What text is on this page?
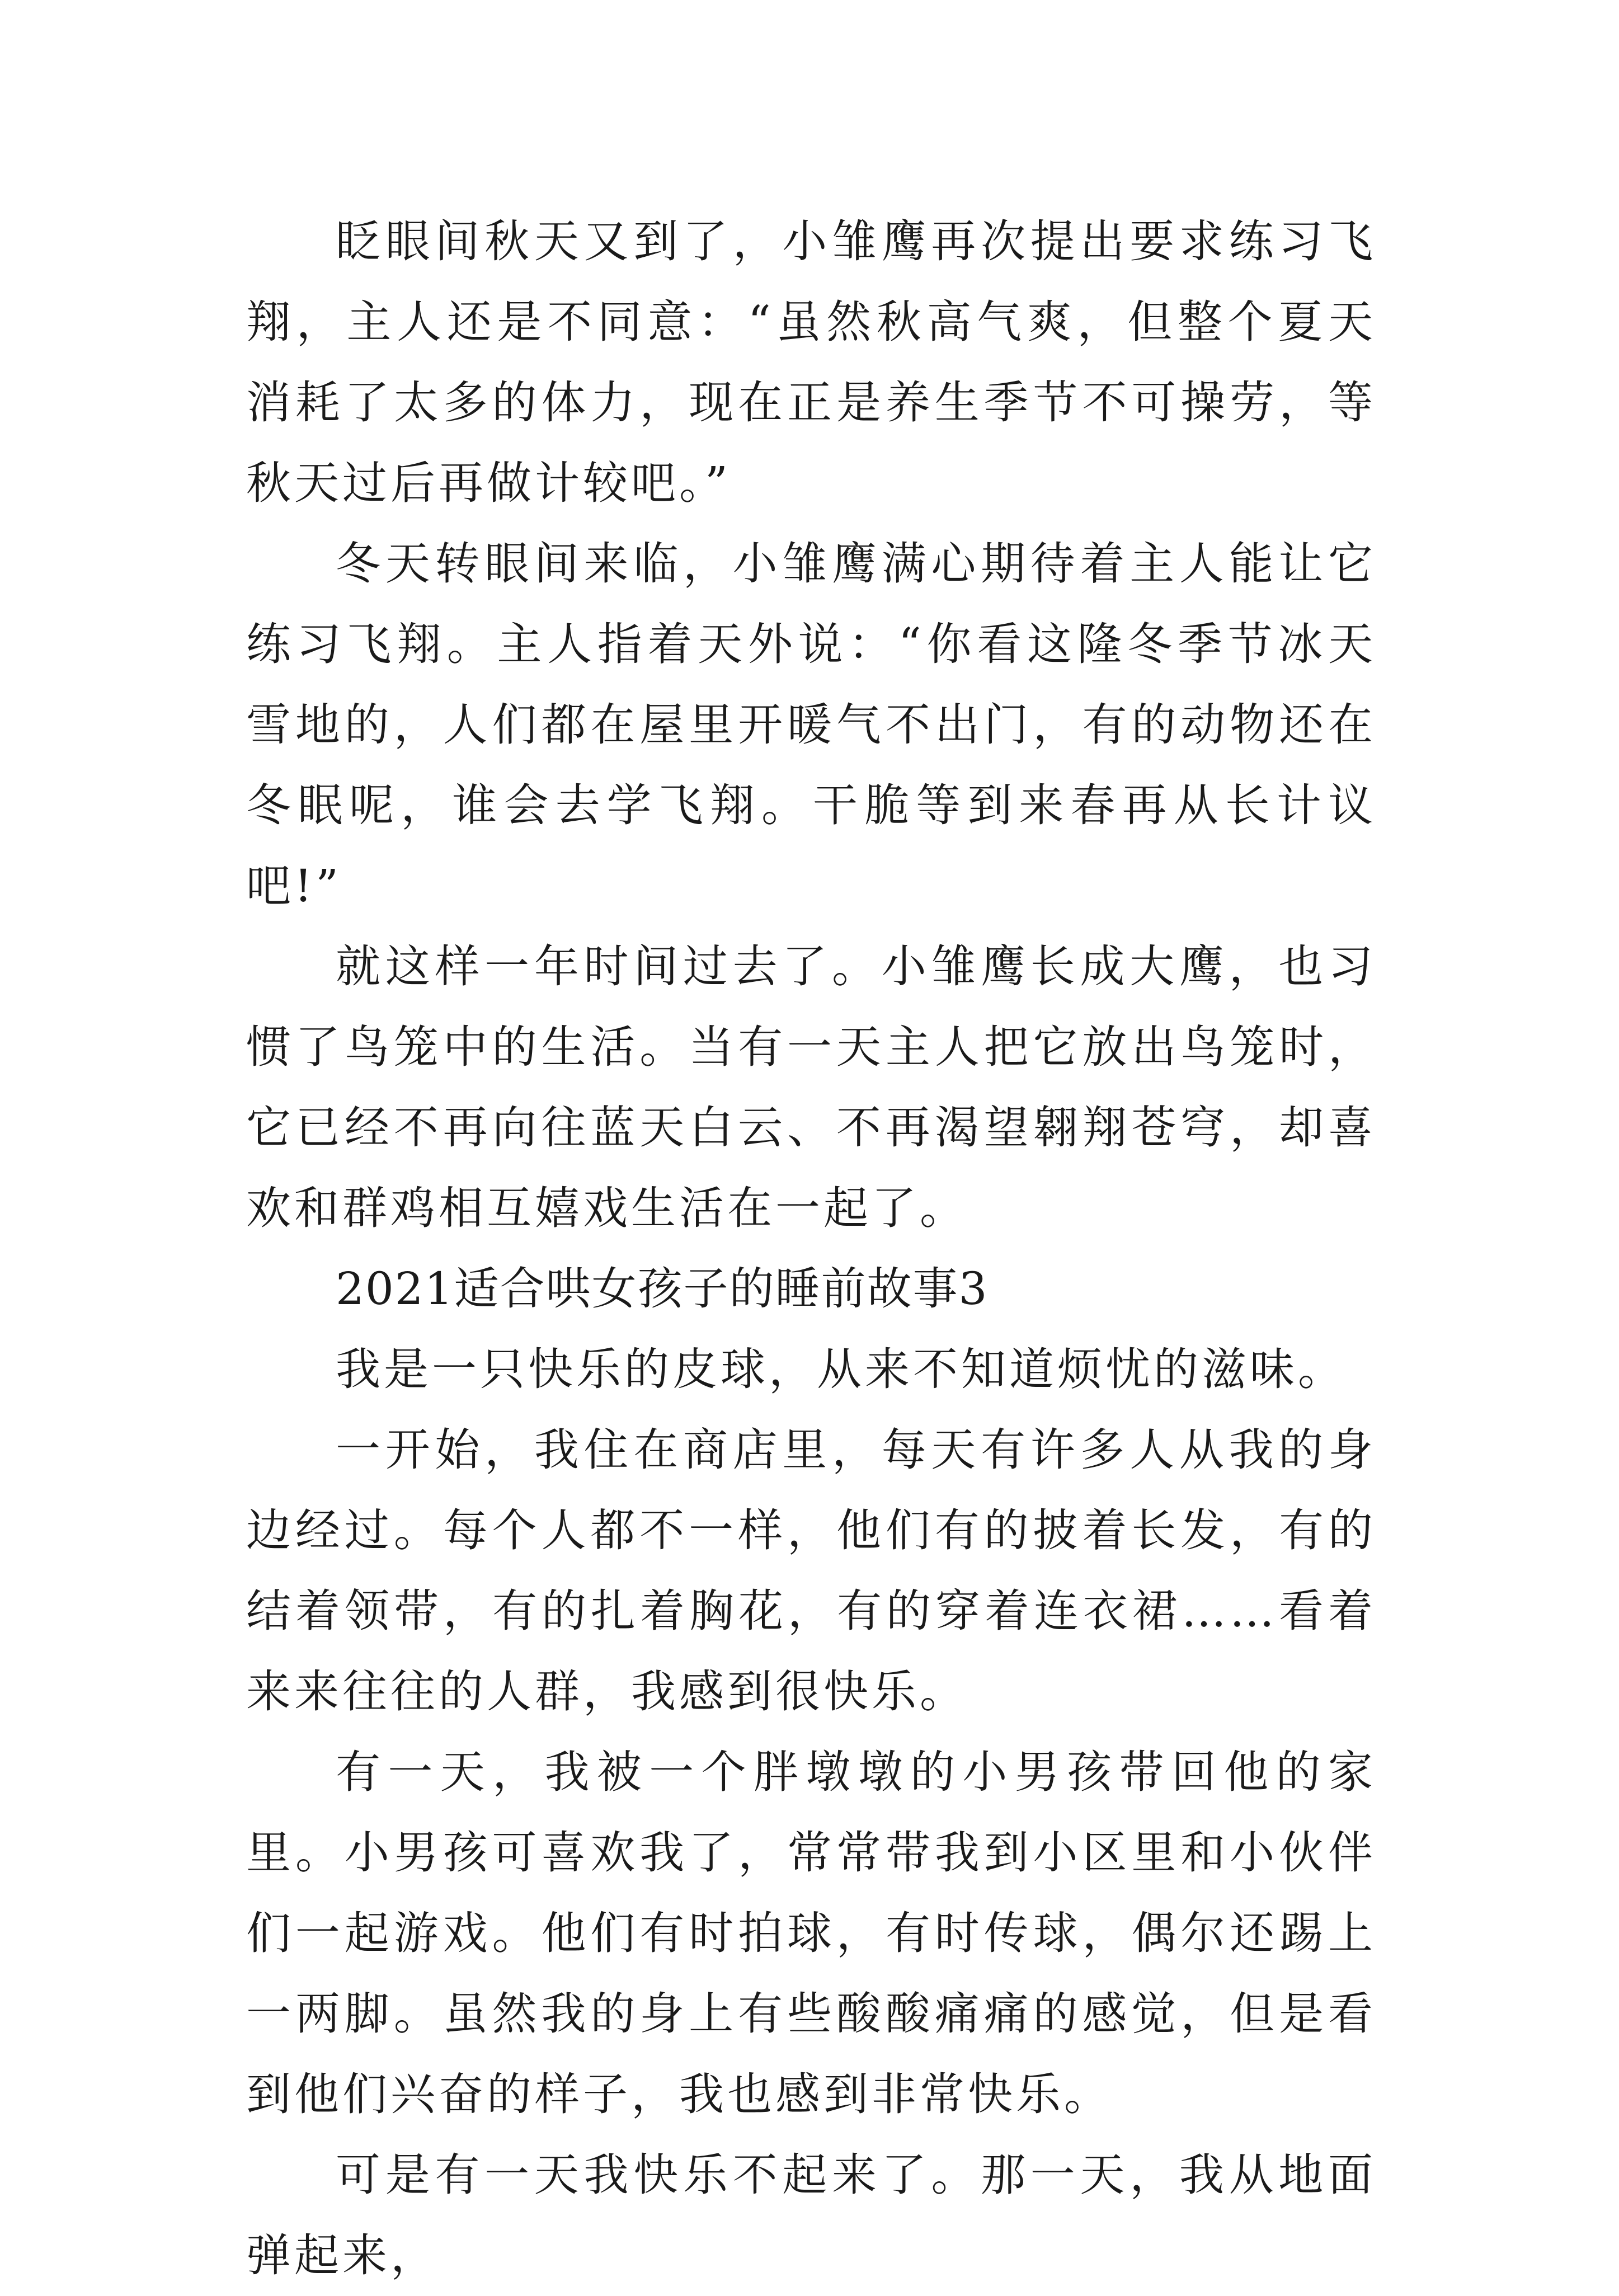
眨眼间秋天又到了，小雏鹰再次提出要求练习飞翔，主人还是不同意：“虽然秋高气爽，但整个夏天消耗了太多的体力，现在正是养生季节不可操劳，等秋天过后再做计较吧。”

冬天转眼间来临，小雏鹰满心期待着主人能让它练习飞翔。主人指着天外说：“你看这隆冬季节冰天雪地的，人们都在屋里开暖气不出门，有的动物还在冬眠呢，谁会去学飞翔。干脆等到来春再从长计议吧!”

就这样一年时间过去了。小雏鹰长成大鹰，也习惯了鸟笼中的生活。当有一天主人把它放出鸟笼时，它已经不再向往蓝天白云、不再渴望翱翔苍穹，却喜欢和群鸡相互嬉戏生活在一起了。

2021适合哄女孩子的睡前故事3

我是一只快乐的皮球，从来不知道烦忧的滋味。

一开始，我住在商店里，每天有许多人从我的身边经过。每个人都不一样，他们有的披着长发，有的结着领带，有的扎着胸花，有的穿着连衣裙……看着来来往往的人群，我感到很快乐。

有一天，我被一个胖墩墩的小男孩带回他的家里。小男孩可喜欢我了，常常带我到小区里和小伙伴们一起游戏。他们有时拍球，有时传球，偶尔还踢上一两脚。虽然我的身上有些酸酸痛痛的感觉，但是看到他们兴奋的样子，我也感到非常快乐。

可是有一天我快乐不起来了。那一天，我从地面弹起来，
